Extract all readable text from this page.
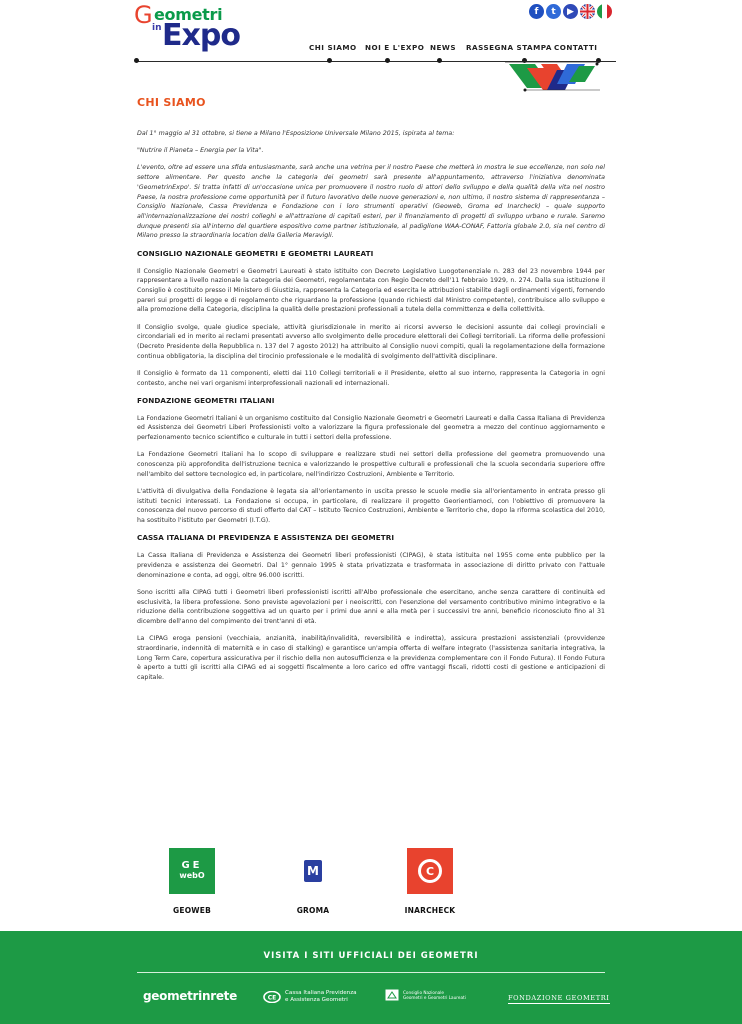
G eometri
in Expo
f	t	▶
CHI SIAMO NOI E L'EXPO NEWS RASSEGNA STAMPA CONTATTI
CHI SIAMO

Dal 1° maggio al 31 ottobre, si tiene a Milano l'Esposizione Universale Milano 2015, ispirata al tema:

"Nutrire il Pianeta – Energia per la Vita".

L'evento, oltre ad essere una sfida entusiasmante, sarà anche una vetrina per il nostro Paese che metterà in mostra le sue eccellenze, non solo nel settore alimentare. Per questo anche la categoria dei geometri sarà presente all'appuntamento, attraverso l'iniziativa denominata 'GeometrinExpo'. Si tratta infatti di un'occasione unica per promuovere il nostro ruolo di attori dello sviluppo e della qualità della vita nel nostro Paese, la nostra professione come opportunità per il futuro lavorativo delle nuove generazioni e, non ultimo, il nostro sistema di rappresentanza – Consiglio Nazionale, Cassa Previdenza e Fondazione con i loro strumenti operativi (Geoweb, Groma ed Inarcheck) – quale supporto all'internazionalizzazione dei nostri colleghi e all'attrazione di capitali esteri, per il finanziamento di progetti di sviluppo urbano e rurale. Saremo dunque presenti sia all'interno del quartiere espositivo come partner istituzionale, al padiglione WAA-CONAF, Fattoria globale 2.0, sia nel centro di Milano presso la straordinaria location della Galleria Meravigli.

CONSIGLIO NAZIONALE GEOMETRI E GEOMETRI LAUREATI

Il Consiglio Nazionale Geometri e Geometri Laureati è stato istituito con Decreto Legislativo Luogotenenziale n. 283 del 23 novembre 1944 per rappresentare a livello nazionale la categoria dei Geometri, regolamentata con Regio Decreto dell'11 febbraio 1929, n. 274. Dalla sua istituzione il Consiglio è costituito presso il Ministero di Giustizia, rappresenta la Categoria ed esercita le attribuzioni stabilite dagli ordinamenti vigenti, fornendo pareri sui progetti di legge e di regolamento che riguardano la professione (quando richiesti dal Ministro competente), contribuisce allo sviluppo e alla promozione della Categoria, disciplina la qualità delle prestazioni professionali a tutela della committenza e della collettività.

Il Consiglio svolge, quale giudice speciale, attività giurisdizionale in merito ai ricorsi avverso le decisioni assunte dai collegi provinciali e circondariali ed in merito ai reclami presentati avverso allo svolgimento delle procedure elettorali dei Collegi territoriali. La riforma delle professioni (Decreto Presidente della Repubblica n. 137 del 7 agosto 2012) ha attribuito al Consiglio nuovi compiti, quali la regolamentazione della formazione continua obbligatoria, la disciplina del tirocinio professionale e le modalità di svolgimento dell'attività disciplinare.

Il Consiglio è formato da 11 componenti, eletti dai 110 Collegi territoriali e il Presidente, eletto al suo interno, rappresenta la Categoria in ogni contesto, anche nei vari organismi interprofessionali nazionali ed internazionali.

FONDAZIONE GEOMETRI ITALIANI

La Fondazione Geometri Italiani è un organismo costituito dal Consiglio Nazionale Geometri e Geometri Laureati e dalla Cassa Italiana di Previdenza ed Assistenza dei Geometri Liberi Professionisti volto a valorizzare la figura professionale del geometra a mezzo del continuo aggiornamento e perfezionamento tecnico scientifico e culturale in tutti i settori della professione.

La Fondazione Geometri Italiani ha lo scopo di sviluppare e realizzare studi nei settori della professione del geometra promuovendo una conoscenza più approfondita dell'istruzione tecnica e valorizzando le prospettive culturali e professionali che la scuola secondaria superiore offre nell'ambito del settore tecnologico ed, in particolare, nell'indirizzo Costruzioni, Ambiente e Territorio.

L'attività di divulgativa della Fondazione è legata sia all'orientamento in uscita presso le scuole medie sia all'orientamento in entrata presso gli istituti tecnici interessati. La Fondazione si occupa, in particolare, di realizzare il progetto Georientiamoci, con l'obiettivo di promuovere la conoscenza del nuovo percorso di studi offerto dal CAT – Istituto Tecnico Costruzioni, Ambiente e Territorio che, dopo la riforma scolastica del 2010, ha sostituito l'istituto per Geometri (I.T.G).

CASSA ITALIANA DI PREVIDENZA E ASSISTENZA DEI GEOMETRI

La Cassa Italiana di Previdenza e Assistenza dei Geometri liberi professionisti (CIPAG), è stata istituita nel 1955 come ente pubblico per la previdenza e assistenza dei Geometri. Dal 1° gennaio 1995 è stata privatizzata e trasformata in associazione di diritto privato con l'attuale denominazione e conta, ad oggi, oltre 96.000 iscritti.

Sono iscritti alla CIPAG tutti i Geometri liberi professionisti iscritti all'Albo professionale che esercitano, anche senza carattere di continuità ed esclusività, la libera professione. Sono previste agevolazioni per i neoiscritti, con l'esenzione del versamento contributivo minimo integrativo e la riduzione della contribuzione soggettiva ad un quarto per i primi due anni e alla metà per i successivi tre anni, beneficio riconosciuto fino al 31 dicembre dell'anno del compimento dei trent'anni di età.

La CIPAG eroga pensioni (vecchiaia, anzianità, inabilità/invalidità, reversibilità e indiretta), assicura prestazioni assistenziali (provvidenze straordinarie, indennità di maternità e in caso di stalking) e garantisce un'ampia offerta di welfare integrato (l'assistenza sanitaria integrativa, la Long Term Care, copertura assicurativa per il rischio della non autosufficienza e la previdenza complementare con il Fondo Futura). Il Fondo Futura è aperto a tutti gli iscritti alla CIPAG ed ai soggetti fiscalmente a loro carico ed offre vantaggi fiscali, ridotti costi di gestione e anticipazioni di capitale.

GE
webO
GEOWEB
M
GROMA
C
INARCHECK
VISITA I SITI UFFICIALI DEI GEOMETRI
geometrinrete	CE
Cassa Italiana Previdenza
e Assistenza Geometri
Consiglio Nazionale
Geometri e Geometri Laureati	FONDAZIONE GEOMETRI
